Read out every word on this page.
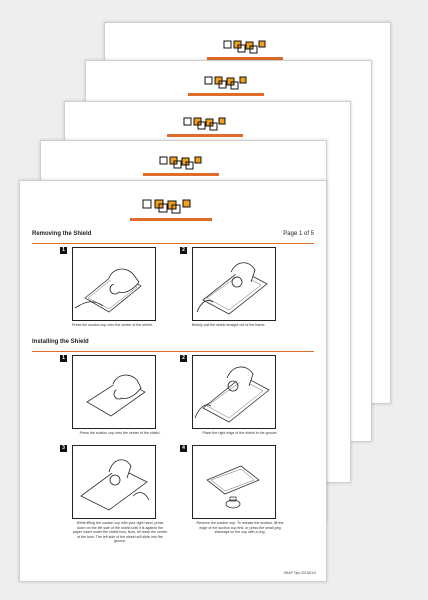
Removing the Shield	Page 1 of 5
1
Press the suction cup onto the center of the shield.
2
Briskly pull the shield straight out of the frame.
Installing the Shield
1
Press the suction cup onto the center of the shield.
2
Place the right edge of the shield in the groove.
3
While lifting the suction cup with your right hand, press down on the left side of the shield until it is against the paper insert under the shield bow. Now, let down the center of the bow. The left side of the shield will slide into the groove.
4
Remove the suction cup. To release the suction, lift the edge of the suction cup first, or press the small peg sideways on the cup with a ring.
SNAP Tips 2013/01/3
